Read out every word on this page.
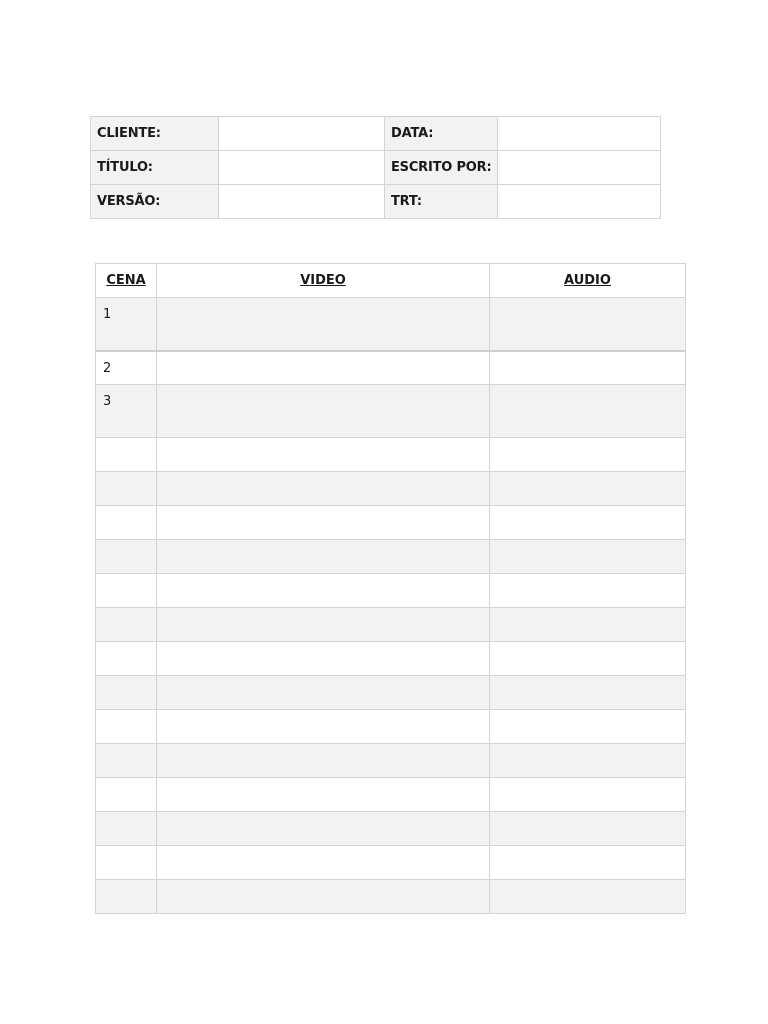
CLIENTE:		DATA:	
TÍTULO:		ESCRITO POR:	
VERSÃO:		TRT:	
CENA	VIDEO	AUDIO
1		
2		
3		
